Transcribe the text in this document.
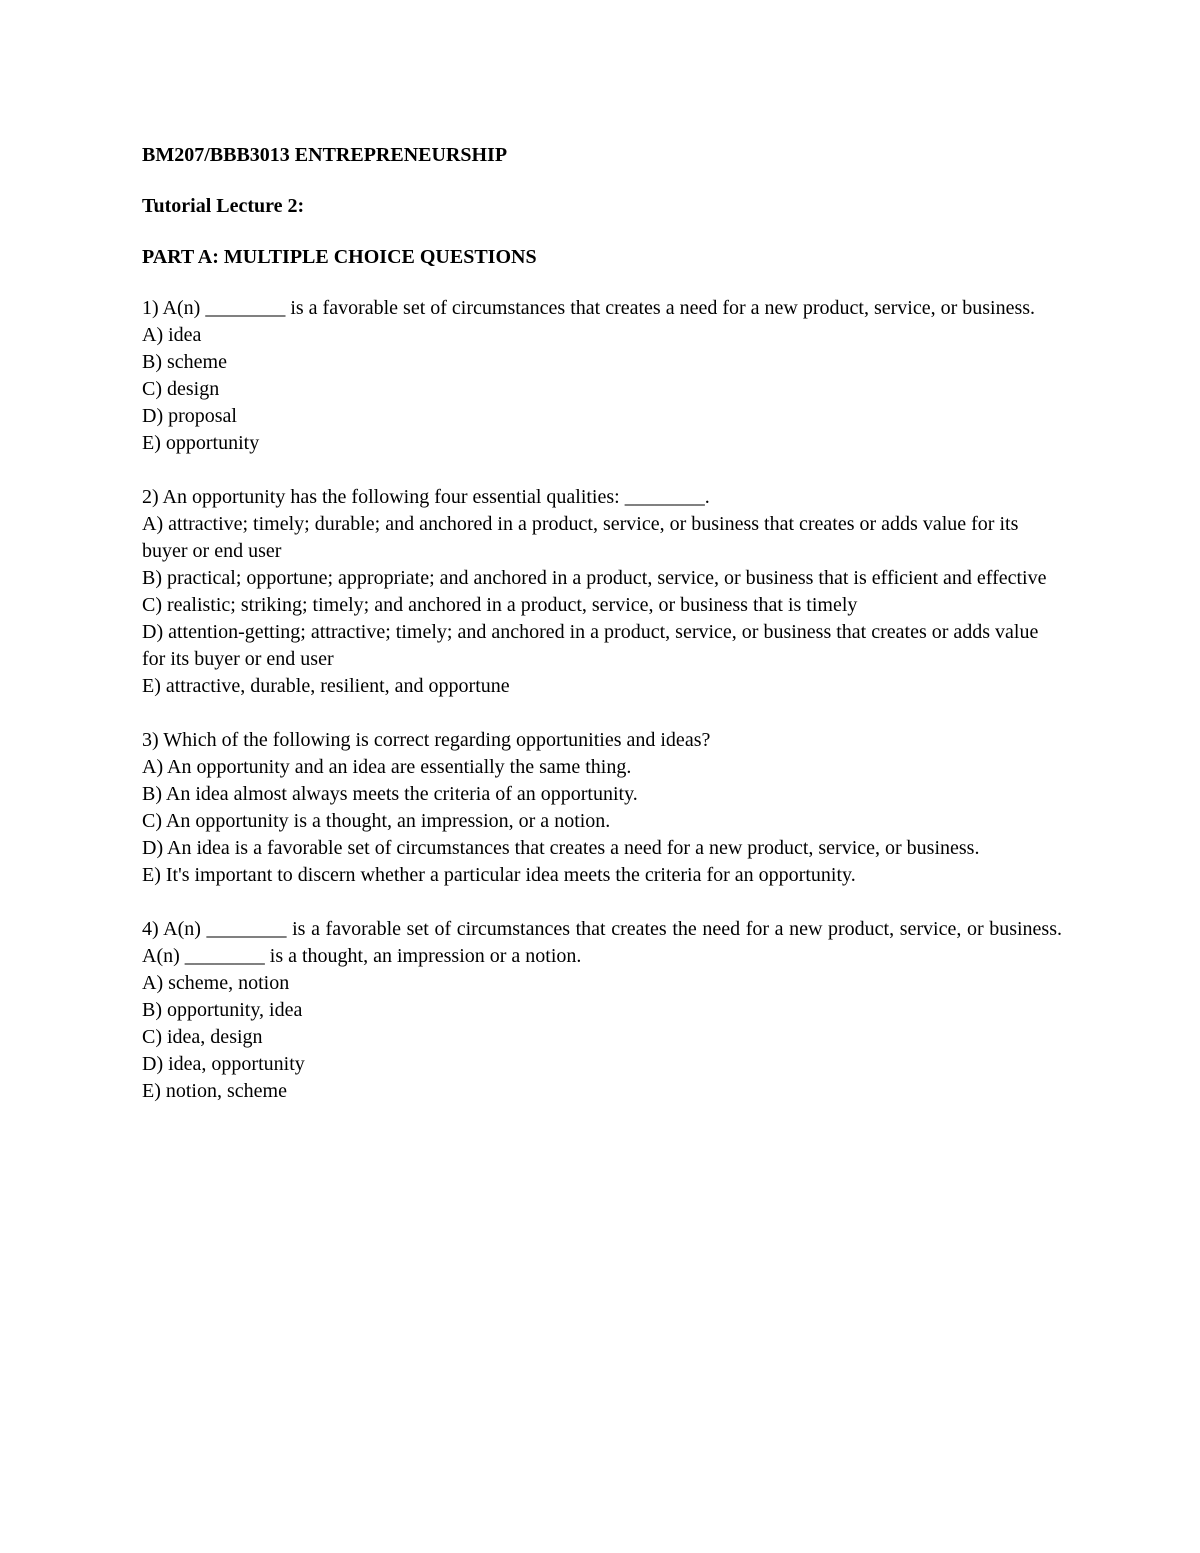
BM207/BBB3013 ENTREPRENEURSHIP

Tutorial Lecture 2:

PART A: MULTIPLE CHOICE QUESTIONS

1) A(n) ________ is a favorable set of circumstances that creates a need for a new product, service, or business.

A) idea

B) scheme

C) design

D) proposal

E) opportunity

2) An opportunity has the following four essential qualities: ________.

A) attractive; timely; durable; and anchored in a product, service, or business that creates or adds value for its buyer or end user

B) practical; opportune; appropriate; and anchored in a product, service, or business that is efficient and effective

C) realistic; striking; timely; and anchored in a product, service, or business that is timely

D) attention-getting; attractive; timely; and anchored in a product, service, or business that creates or adds value for its buyer or end user

E) attractive, durable, resilient, and opportune

3) Which of the following is correct regarding opportunities and ideas?

A) An opportunity and an idea are essentially the same thing.

B) An idea almost always meets the criteria of an opportunity.

C) An opportunity is a thought, an impression, or a notion.

D) An idea is a favorable set of circumstances that creates a need for a new product, service, or business.

E) It's important to discern whether a particular idea meets the criteria for an opportunity.

4) A(n) ________ is a favorable set of circumstances that creates the need for a new product, service, or business. A(n) ________ is a thought, an impression or a notion.

A) scheme, notion

B) opportunity, idea

C) idea, design

D) idea, opportunity

E) notion, scheme
